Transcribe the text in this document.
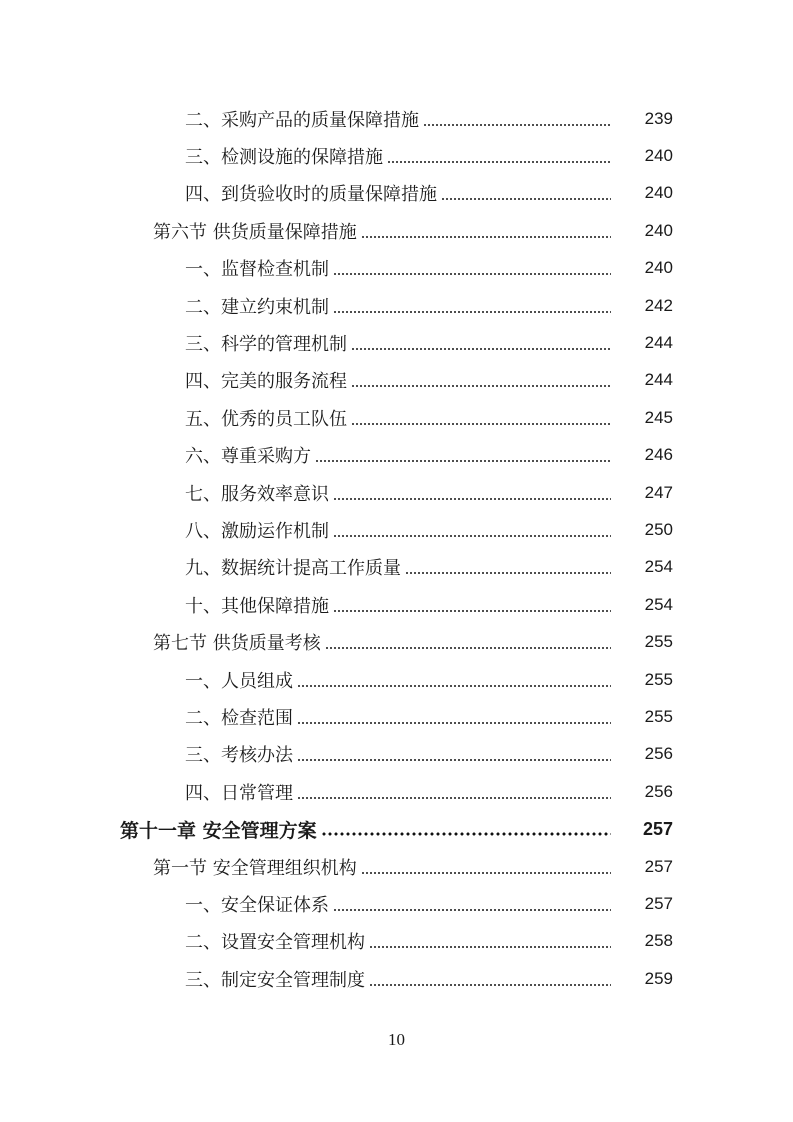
二、采购产品的质量保障措施	239
三、检测设施的保障措施	240
四、到货验收时的质量保障措施	240
第六节 供货质量保障措施	240
一、监督检查机制	240
二、建立约束机制	242
三、科学的管理机制	244
四、完美的服务流程	244
五、优秀的员工队伍	245
六、尊重采购方	246
七、服务效率意识	247
八、激励运作机制	250
九、数据统计提高工作质量	254
十、其他保障措施	254
第七节 供货质量考核	255
一、人员组成	255
二、检查范围	255
三、考核办法	256
四、日常管理	256
第十一章 安全管理方案	257
第一节 安全管理组织机构	257
一、安全保证体系	257
二、设置安全管理机构	258
三、制定安全管理制度	259
10
